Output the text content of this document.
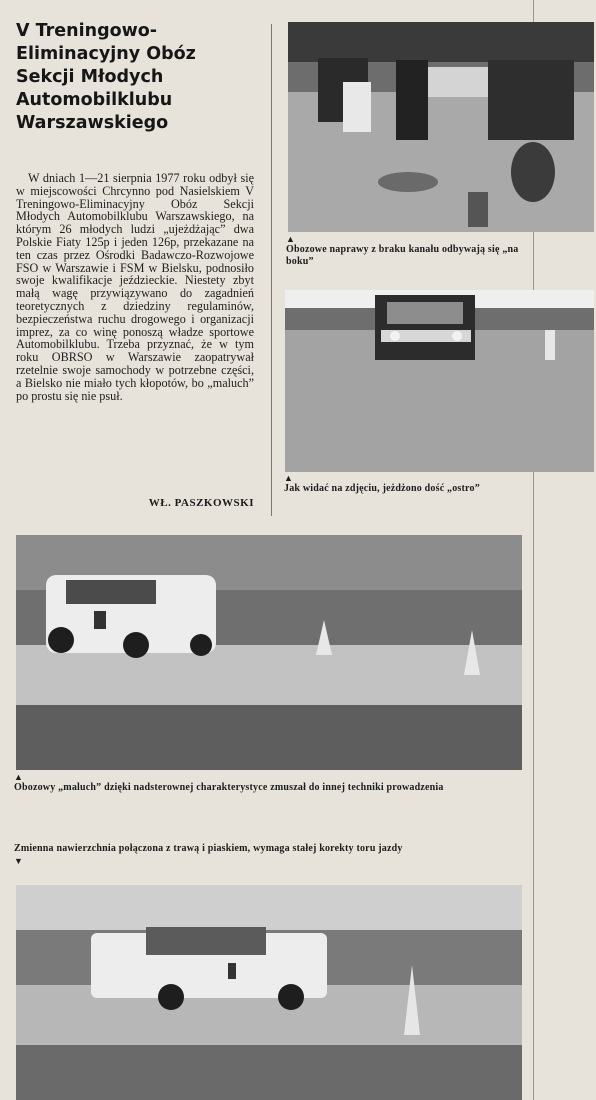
V Treningowo-Eliminacyjny Obóz Sekcji Młodych Automobilklubu Warszawskiego

W dniach 1—21 sierpnia 1977 roku odbył się w miejscowości Chrcynno pod Nasielskiem V Treningowo-Eliminacyjny Obóz Sekcji Młodych Automobilklubu Warszawskiego, na którym 26 młodych ludzi „ujeżdżając” dwa Polskie Fiaty 125p i jeden 126p, przekazane na ten czas przez Ośrodki Badawczo-Rozwojowe FSO w Warszawie i FSM w Bielsku, podnosiło swoje kwalifikacje jeździeckie. Niestety zbyt małą wagę przywiązywano do zagadnień teoretycznych z dziedziny regulaminów, bezpieczeństwa ruchu drogowego i organizacji imprez, za co winę ponoszą władze sportowe Automobilklubu. Trzeba przyznać, że w tym roku OBRSO w Warszawie zaopatrywał rzetelnie swoje samochody w potrzebne części, a Bielsko nie miało tych kłopotów, bo „maluch” po prostu się nie psuł.

WŁ. PASZKOWSKI
▲
Obozowe naprawy z braku kanału odbywają się „na boku”
▲
Jak widać na zdjęciu, jeżdżono dość „ostro”
▲
Obozowy „maluch” dzięki nadsterownej charakterystyce zmuszał do innej techniki prowadzenia
Zmienna nawierzchnia połączona z trawą i piaskiem, wymaga stałej korekty toru jazdy
▼
